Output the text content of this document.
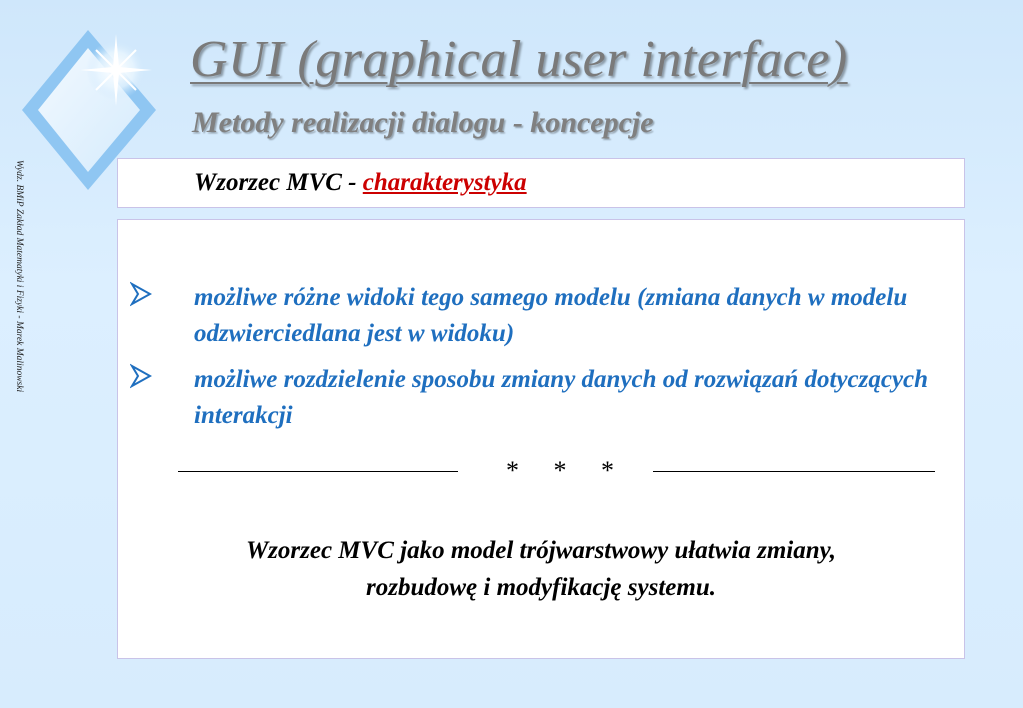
Wydz. BMiP Zakład Matematyki i Fizyki - Marek Malinowski
GUI (graphical user interface)
Metody realizacji dialogu - koncepcje
Wzorzec MVC - charakterystyka
możliwe różne widoki tego samego modelu (zmiana danych w modelu odzwierciedlana jest w widoku)
możliwe rozdzielenie sposobu zmiany danych od rozwiązań dotyczących interakcji
* * *
Wzorzec MVC jako model trójwarstwowy ułatwia zmiany,
rozbudowę i modyfikację systemu.
